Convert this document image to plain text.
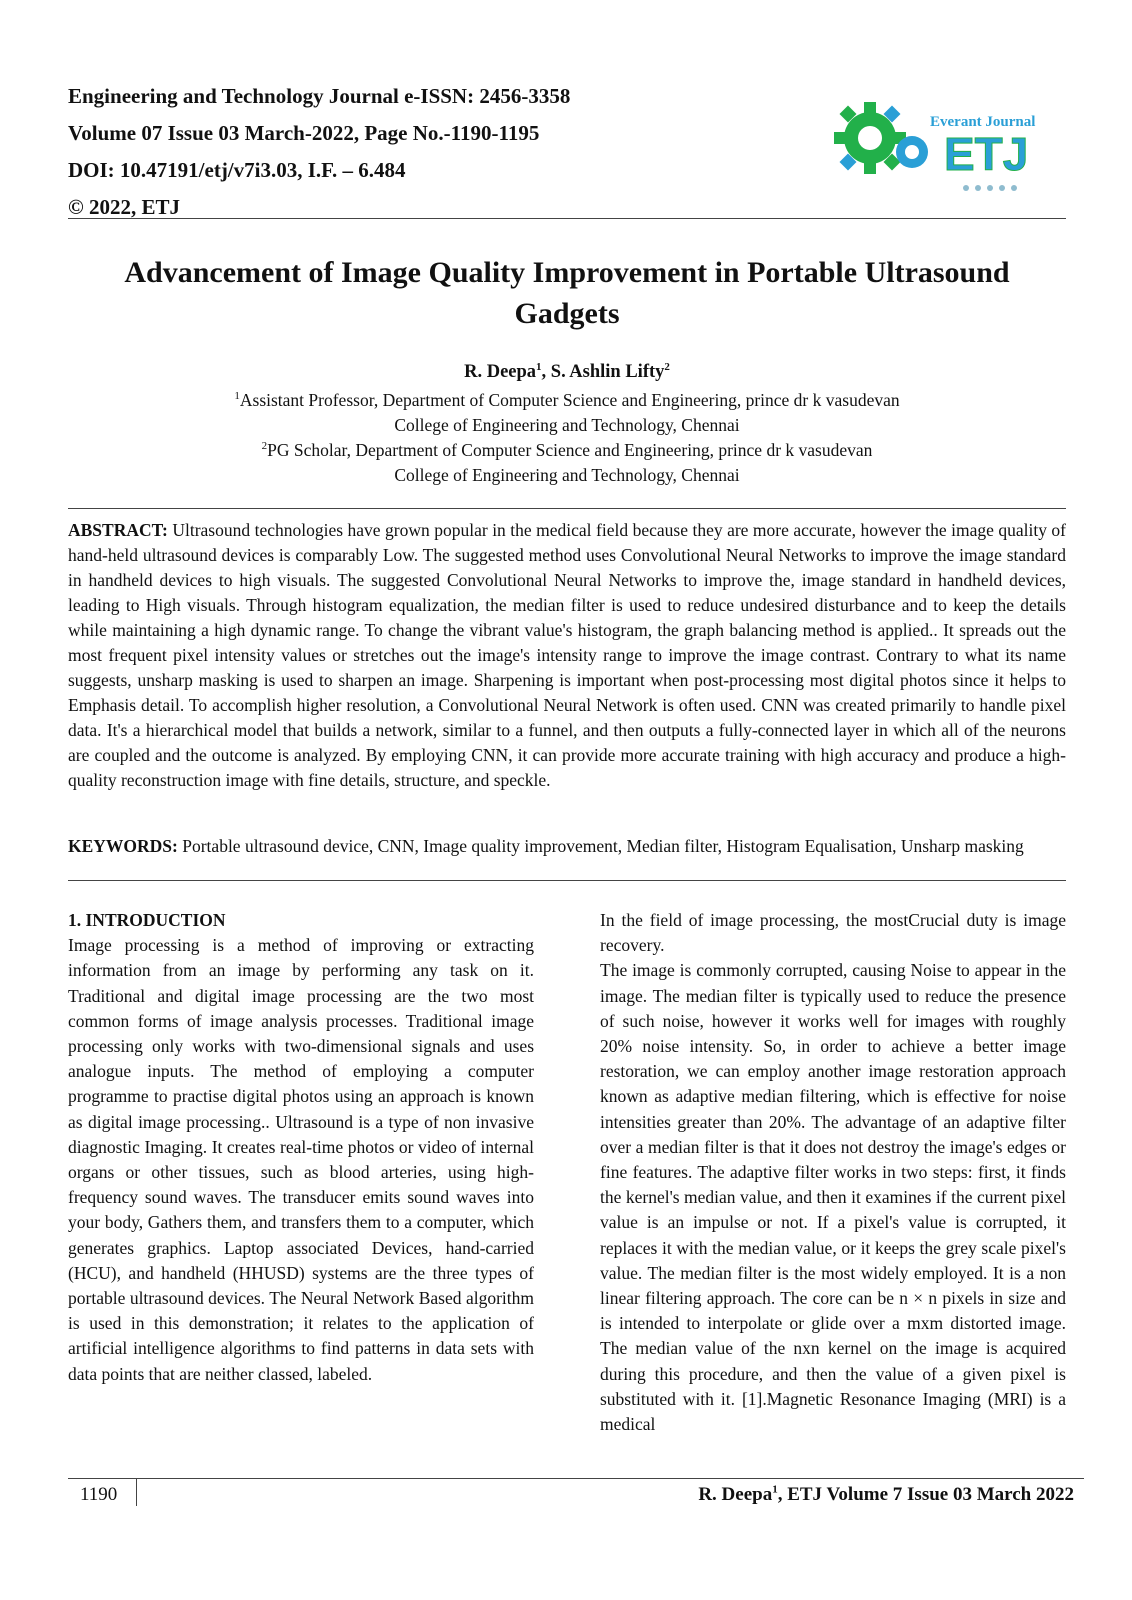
Engineering and Technology Journal e-ISSN: 2456-3358

Volume 07 Issue 03 March-2022, Page No.-1190-1195

DOI: 10.47191/etj/v7i3.03, I.F. – 6.484

© 2022, ETJ

Everant Journal
ETJ
Advancement of Image Quality Improvement in Portable Ultrasound
Gadgets
R. Deepa$^1$, S. Ashlin Lifty$^2$
$^1$Assistant Professor, Department of Computer Science and Engineering, prince dr k vasudevan
College of Engineering and Technology, Chennai
$^2$PG Scholar, Department of Computer Science and Engineering, prince dr k vasudevan
College of Engineering and Technology, Chennai

ABSTRACT: Ultrasound technologies have grown popular in the medical field because they are more accurate, however the image quality of hand-held ultrasound devices is comparably Low. The suggested method uses Convolutional Neural Networks to improve the image standard in handheld devices to high visuals. The suggested Convolutional Neural Networks to improve the, image standard in handheld devices, leading to High visuals. Through histogram equalization, the median filter is used to reduce undesired disturbance and to keep the details while maintaining a high dynamic range. To change the vibrant value's histogram, the graph balancing method is applied.. It spreads out the most frequent pixel intensity values or stretches out the image's intensity range to improve the image contrast. Contrary to what its name suggests, unsharp masking is used to sharpen an image. Sharpening is important when post-processing most digital photos since it helps to Emphasis detail. To accomplish higher resolution, a Convolutional Neural Network is often used. CNN was created primarily to handle pixel data. It's a hierarchical model that builds a network, similar to a funnel, and then outputs a fully-connected layer in which all of the neurons are coupled and the outcome is analyzed. By employing CNN, it can provide more accurate training with high accuracy and produce a high-quality reconstruction image with fine details, structure, and speckle.

KEYWORDS: Portable ultrasound device, CNN, Image quality improvement, Median filter, Histogram Equalisation, Unsharp masking

1. INTRODUCTION

Image processing is a method of improving or extracting information from an image by performing any task on it. Traditional and digital image processing are the two most common forms of image analysis processes. Traditional image processing only works with two-dimensional signals and uses analogue inputs. The method of employing a computer programme to practise digital photos using an approach is known as digital image processing.. Ultrasound is a type of non invasive diagnostic Imaging. It creates real-time photos or video of internal organs or other tissues, such as blood arteries, using high-frequency sound waves. The transducer emits sound waves into your body, Gathers them, and transfers them to a computer, which generates graphics. Laptop associated Devices, hand-carried (HCU), and handheld (HHUSD) systems are the three types of portable ultrasound devices. The Neural Network Based algorithm is used in this demonstration; it relates to the application of artificial intelligence algorithms to find patterns in data sets with data points that are neither classed, labeled.

In the field of image processing, the mostCrucial duty is image recovery.

The image is commonly corrupted, causing Noise to appear in the image. The median filter is typically used to reduce the presence of such noise, however it works well for images with roughly 20% noise intensity. So, in order to achieve a better image restoration, we can employ another image restoration approach known as adaptive median filtering, which is effective for noise intensities greater than 20%. The advantage of an adaptive filter over a median filter is that it does not destroy the image's edges or fine features. The adaptive filter works in two steps: first, it finds the kernel's median value, and then it examines if the current pixel value is an impulse or not. If a pixel's value is corrupted, it replaces it with the median value, or it keeps the grey scale pixel's value. The median filter is the most widely employed. It is a non linear filtering approach. The core can be n × n pixels in size and is intended to interpolate or glide over a mxm distorted image. The median value of the nxn kernel on the image is acquired during this procedure, and then the value of a given pixel is substituted with it. [1].Magnetic Resonance Imaging (MRI) is a medical

1190	R. Deepa$^1$, ETJ Volume 7 Issue 03 March 2022
